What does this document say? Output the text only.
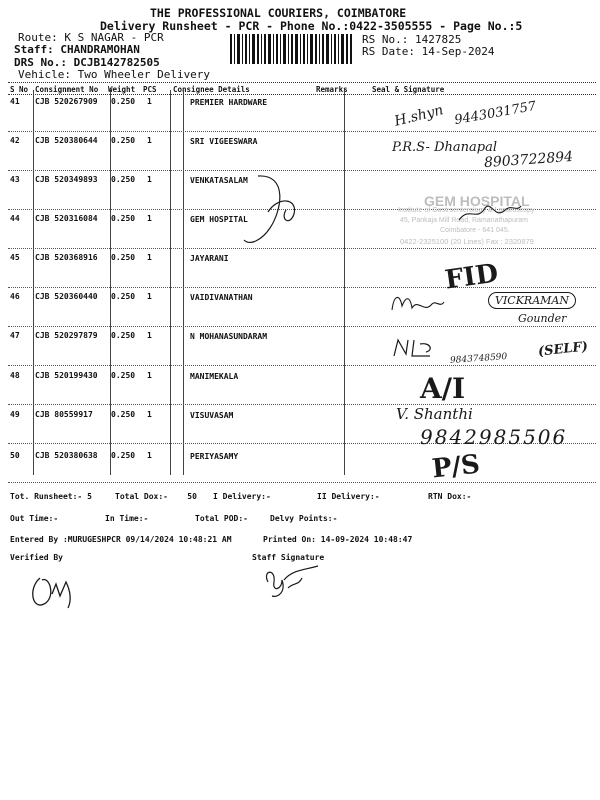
THE PROFESSIONAL COURIERS, COIMBATORE
Delivery Runsheet - PCR - Phone No.:0422-3505555 - Page No.:5
Route: K S NAGAR - PCR
Staff: CHANDRAMOHAN
DRS No.: DCJB142782505
Vehicle: Two Wheeler Delivery
RS No.: 1427825
RS Date: 14-Sep-2024
S No Consignment No Weight PCS Consignee Details	Remarks	Seal & Signature
41 CJB 520267909 0.250 1	PREMIER HARDWARE
42 CJB 520380644 0.250 1	SRI VIGEESWARA
43 CJB 520349893 0.250 1	VENKATASALAM
44 CJB 520316084 0.250 1	GEM HOSPITAL
45 CJB 520368916 0.250 1	JAYARANI
46 CJB 520360440 0.250 1	VAIDIVANATHAN
47 CJB 520297879 0.250 1	N MOHANASUNDARAM
48 CJB 520199430 0.250 1	MANIMEKALA
49 CJB 80559917 0.250 1	VISUVASAM
50 CJB 520380638 0.250 1	PERIYASAMY
H.shyn 9443031757
P.R.S- Dhanapal
8903722894
GEM HOSPITAL
Institute of Gastroenterology & Laparoscopy
45, Pankaja Mill Road, Ramanathapuram
Coimbatore - 641 045.
0422-2325100 (20 Lines) Fax : 2320879
FID
VICKRAMAN
Gounder
9843748590 (SELF)
A/I
V. Shanthi
9842985506
P/S
Tot. Runsheet:- 5	Total Dox:-    50 I Delivery:-	II Delivery:-	RTN Dox:-
Out Time:-	In Time:-	Total POD:-	Delvy Points:-
Entered By :MURUGESHPCR 09/14/2024 10:48:21 AM	Printed On: 14-09-2024 10:48:47
Verified By	Staff Signature
